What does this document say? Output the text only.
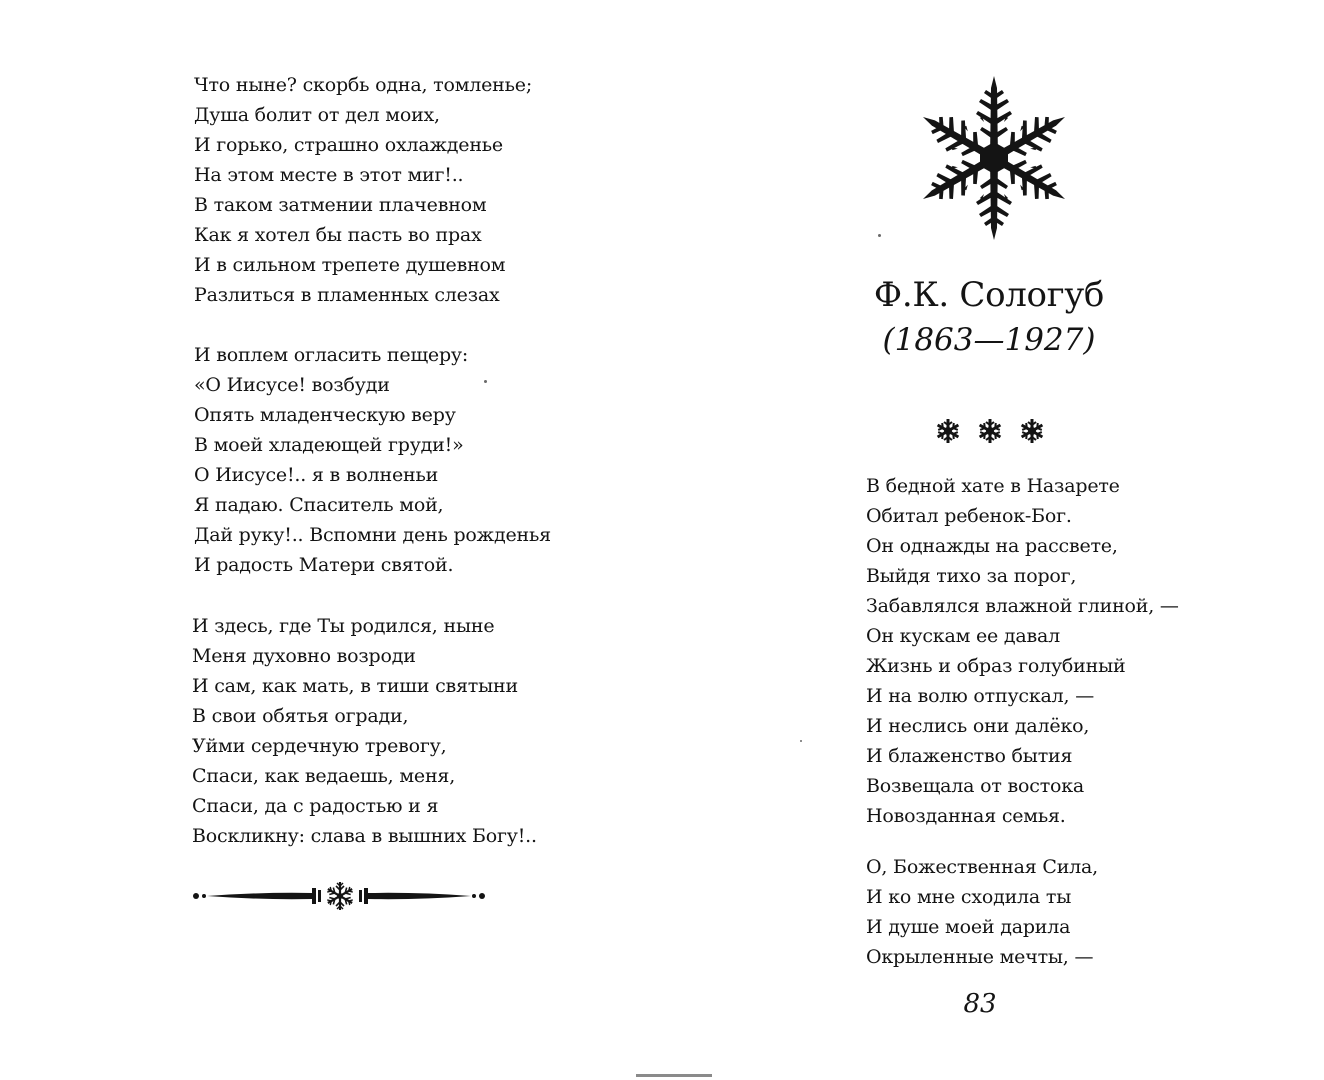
Что ныне? скорбь одна, томленье;
Душа болит от дел моих,
И горько, страшно охлажденье
На этом месте в этот миг!..
В таком затмении плачевном
Как я хотел бы пасть во прах
И в сильном трепете душевном
Разлиться в пламенных слезах
И воплем огласить пещеру:
«О Иисусе! возбуди
Опять младенческую веру
В моей хладеющей груди!»
О Иисусе!.. я в волненьи
Я падаю. Спаситель мой,
Дай руку!.. Вспомни день рожденья
И радость Матери святой.
И здесь, где Ты родился, ныне
Меня духовно возроди
И сам, как мать, в тиши святыни
В свои обятья огради,
Уйми сердечную тревогу,
Спаси, как ведаешь, меня,
Спаси, да с радостью и я
Воскликну: слава в вышних Богу!..
Ф.К. Сологуб
(1863—1927)
В бедной хате в Назарете
Обитал ребенок-Бог.
Он однажды на рассвете,
Выйдя тихо за порог,
Забавлялся влажной глиной, —
Он кускам ее давал
Жизнь и образ голубиный
И на волю отпускал, —
И неслись они далёко,
И блаженство бытия
Возвещала от востока
Новозданная семья.
О, Божественная Сила,
И ко мне сходила ты
И душе моей дарила
Окрыленные мечты, —
83
